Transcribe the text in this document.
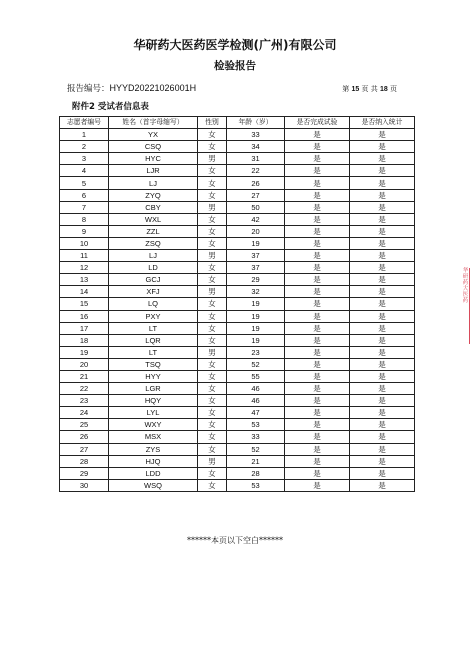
华研药大医药医学检测(广州)有限公司
检验报告
报告编号：HYYD20221026001H	第 15 页 共 18 页
附件2 受试者信息表
志愿者编号	姓名（首字母缩写）	性别	年龄（岁）	是否完成试验	是否纳入统计
1	YX	女	33	是	是
2	CSQ	女	34	是	是
3	HYC	男	31	是	是
4	LJR	女	22	是	是
5	LJ	女	26	是	是
6	ZYQ	女	27	是	是
7	CBY	男	50	是	是
8	WXL	女	42	是	是
9	ZZL	女	20	是	是
10	ZSQ	女	19	是	是
11	LJ	男	37	是	是
12	LD	女	37	是	是
13	GCJ	女	29	是	是
14	XFJ	男	32	是	是
15	LQ	女	19	是	是
16	PXY	女	19	是	是
17	LT	女	19	是	是
18	LQR	女	19	是	是
19	LT	男	23	是	是
20	TSQ	女	52	是	是
21	HYY	女	55	是	是
22	LGR	女	46	是	是
23	HQY	女	46	是	是
24	LYL	女	47	是	是
25	WXY	女	53	是	是
26	MSX	女	33	是	是
27	ZYS	女	52	是	是
28	HJQ	男	21	是	是
29	LDD	女	28	是	是
30	WSQ	女	53	是	是
******本页以下空白******
华
研
药
大
医
药
